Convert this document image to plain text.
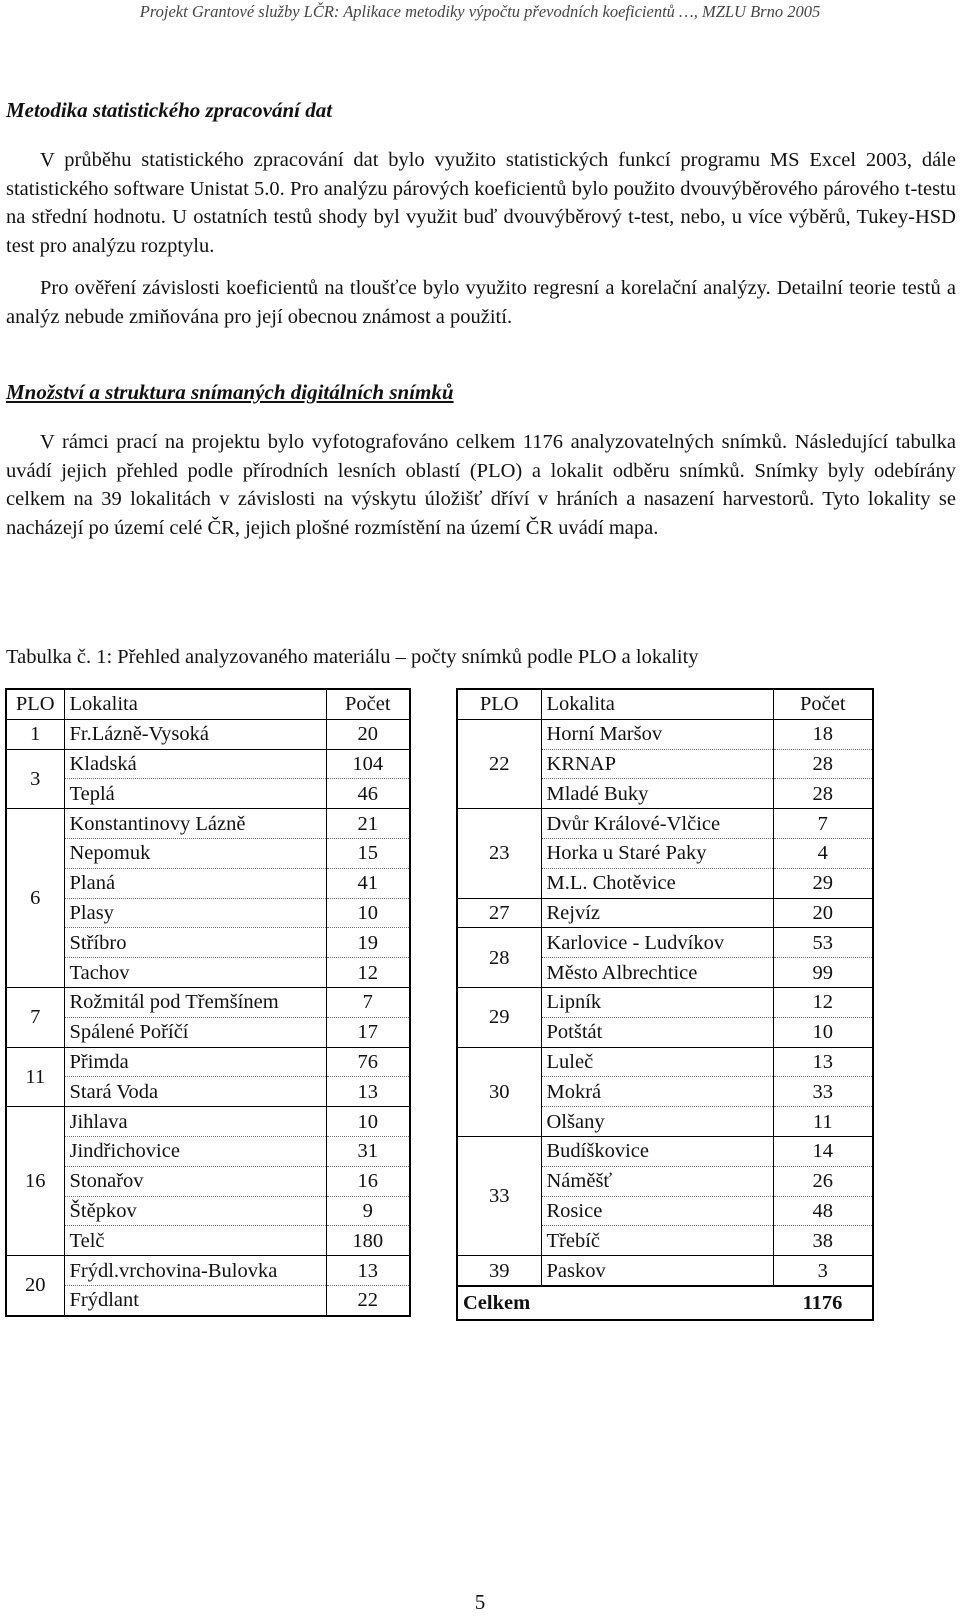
Projekt Grantové služby LČR: Aplikace metodiky výpočtu převodních koeficientů …, MZLU Brno 2005
Metodika statistického zpracování dat

V průběhu statistického zpracování dat bylo využito statistických funkcí programu MS Excel 2003, dále statistického software Unistat 5.0. Pro analýzu párových koeficientů bylo použito dvouvýběrového párového t-testu na střední hodnotu. U ostatních testů shody byl využit buď dvouvýběrový t-test, nebo, u více výběrů, Tukey-HSD test pro analýzu rozptylu.

Pro ověření závislosti koeficientů na tloušťce bylo využito regresní a korelační analýzy. Detailní teorie testů a analýz nebude zmiňována pro její obecnou známost a použití.

Množství a struktura snímaných digitálních snímků

V rámci prací na projektu bylo vyfotografováno celkem 1176 analyzovatelných snímků. Následující tabulka uvádí jejich přehled podle přírodních lesních oblastí (PLO) a lokalit odběru snímků. Snímky byly odebírány celkem na 39 lokalitách v závislosti na výskytu úložišť dříví v hráních a nasazení harvestorů. Tyto lokality se nacházejí po území celé ČR, jejich plošné rozmístění na území ČR uvádí mapa.

Tabulka č. 1: Přehled analyzovaného materiálu – počty snímků podle PLO a lokality
PLO	Lokalita	Počet
1	Fr.Lázně-Vysoká	20
3	Kladská	104
	Teplá	46
6	Konstantinovy Lázně	21
	Nepomuk	15
	Planá	41
	Plasy	10
	Stříbro	19
	Tachov	12
7	Rožmitál pod Třemšínem	7
	Spálené Poříčí	17
11	Přimda	76
	Stará Voda	13
16	Jihlava	10
	Jindřichovice	31
	Stonařov	16
	Štěpkov	9
	Telč	180
20	Frýdl.vrchovina-Bulovka	13
	Frýdlant	22
PLO	Lokalita	Počet
22	Horní Maršov	18
	KRNAP	28
	Mladé Buky	28
23	Dvůr Králové-Vlčice	7
	Horka u Staré Paky	4
	M.L. Chotěvice	29
27	Rejvíz	20
28	Karlovice - Ludvíkov	53
	Město Albrechtice	99
29	Lipník	12
	Potštát	10
30	Luleč	13
	Mokrá	33
	Olšany	11
33	Budíškovice	14
	Náměšť	26
	Rosice	48
	Třebíč	38
39	Paskov	3
Celkem		1176
5
